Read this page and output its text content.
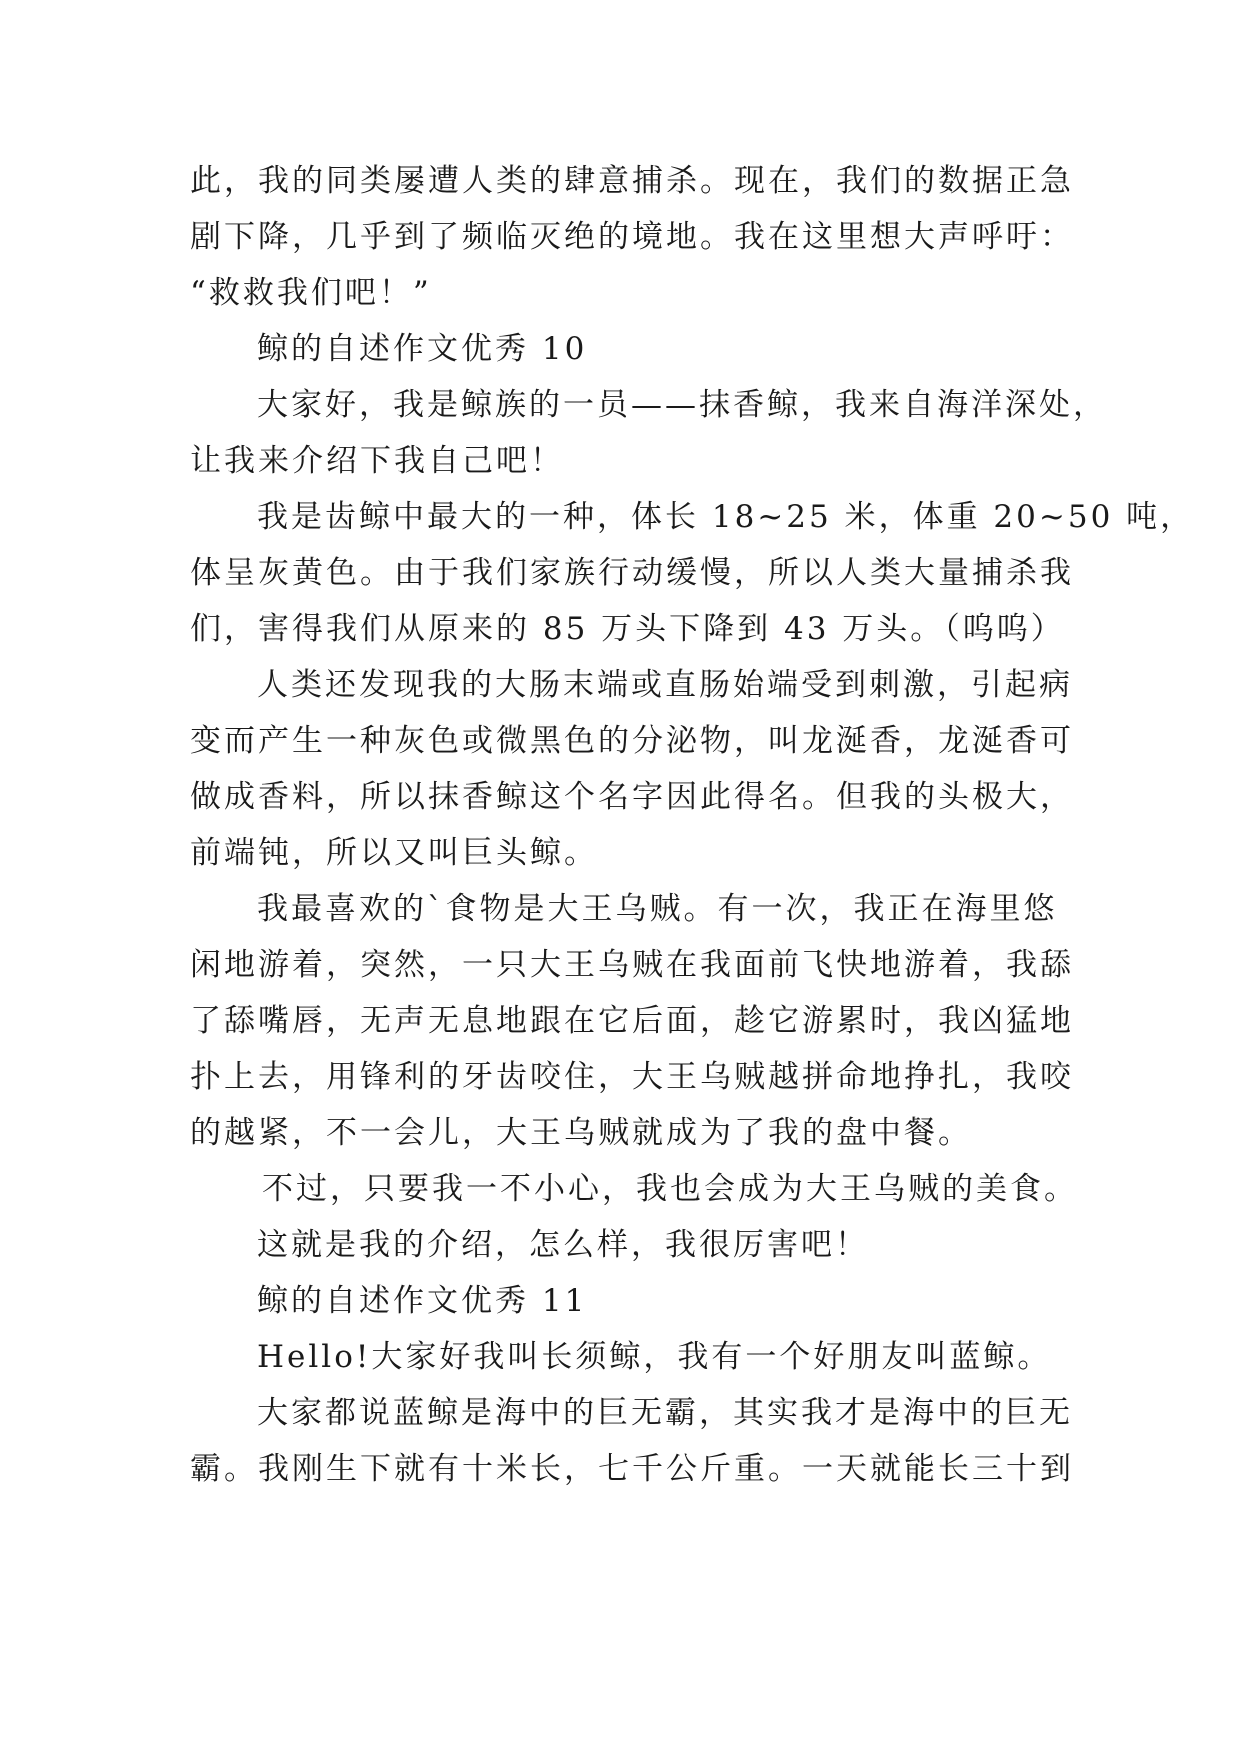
此，我的同类屡遭人类的肆意捕杀。现在，我们的数据正急
剧下降，几乎到了频临灭绝的境地。我在这里想大声呼吁：
“救救我们吧！”
鲸的自述作文优秀 10
大家好，我是鲸族的一员——抹香鲸，我来自海洋深处，
让我来介绍下我自己吧！
我是齿鲸中最大的一种，体长 18~25 米，体重 20~50 吨，
体呈灰黄色。由于我们家族行动缓慢，所以人类大量捕杀我
们，害得我们从原来的 85 万头下降到 43 万头。（呜呜）
人类还发现我的大肠末端或直肠始端受到刺激，引起病
变而产生一种灰色或微黑色的分泌物，叫龙涎香，龙涎香可
做成香料，所以抹香鲸这个名字因此得名。但我的头极大，
前端钝，所以又叫巨头鲸。
我最喜欢的`食物是大王乌贼。有一次，我正在海里悠
闲地游着，突然，一只大王乌贼在我面前飞快地游着，我舔
了舔嘴唇，无声无息地跟在它后面，趁它游累时，我凶猛地
扑上去，用锋利的牙齿咬住，大王乌贼越拼命地挣扎，我咬
的越紧，不一会儿，大王乌贼就成为了我的盘中餐。
不过，只要我一不小心，我也会成为大王乌贼的美食。
这就是我的介绍，怎么样，我很厉害吧！
鲸的自述作文优秀 11
Hello!大家好我叫长须鲸，我有一个好朋友叫蓝鲸。
大家都说蓝鲸是海中的巨无霸，其实我才是海中的巨无
霸。我刚生下就有十米长，七千公斤重。一天就能长三十到
